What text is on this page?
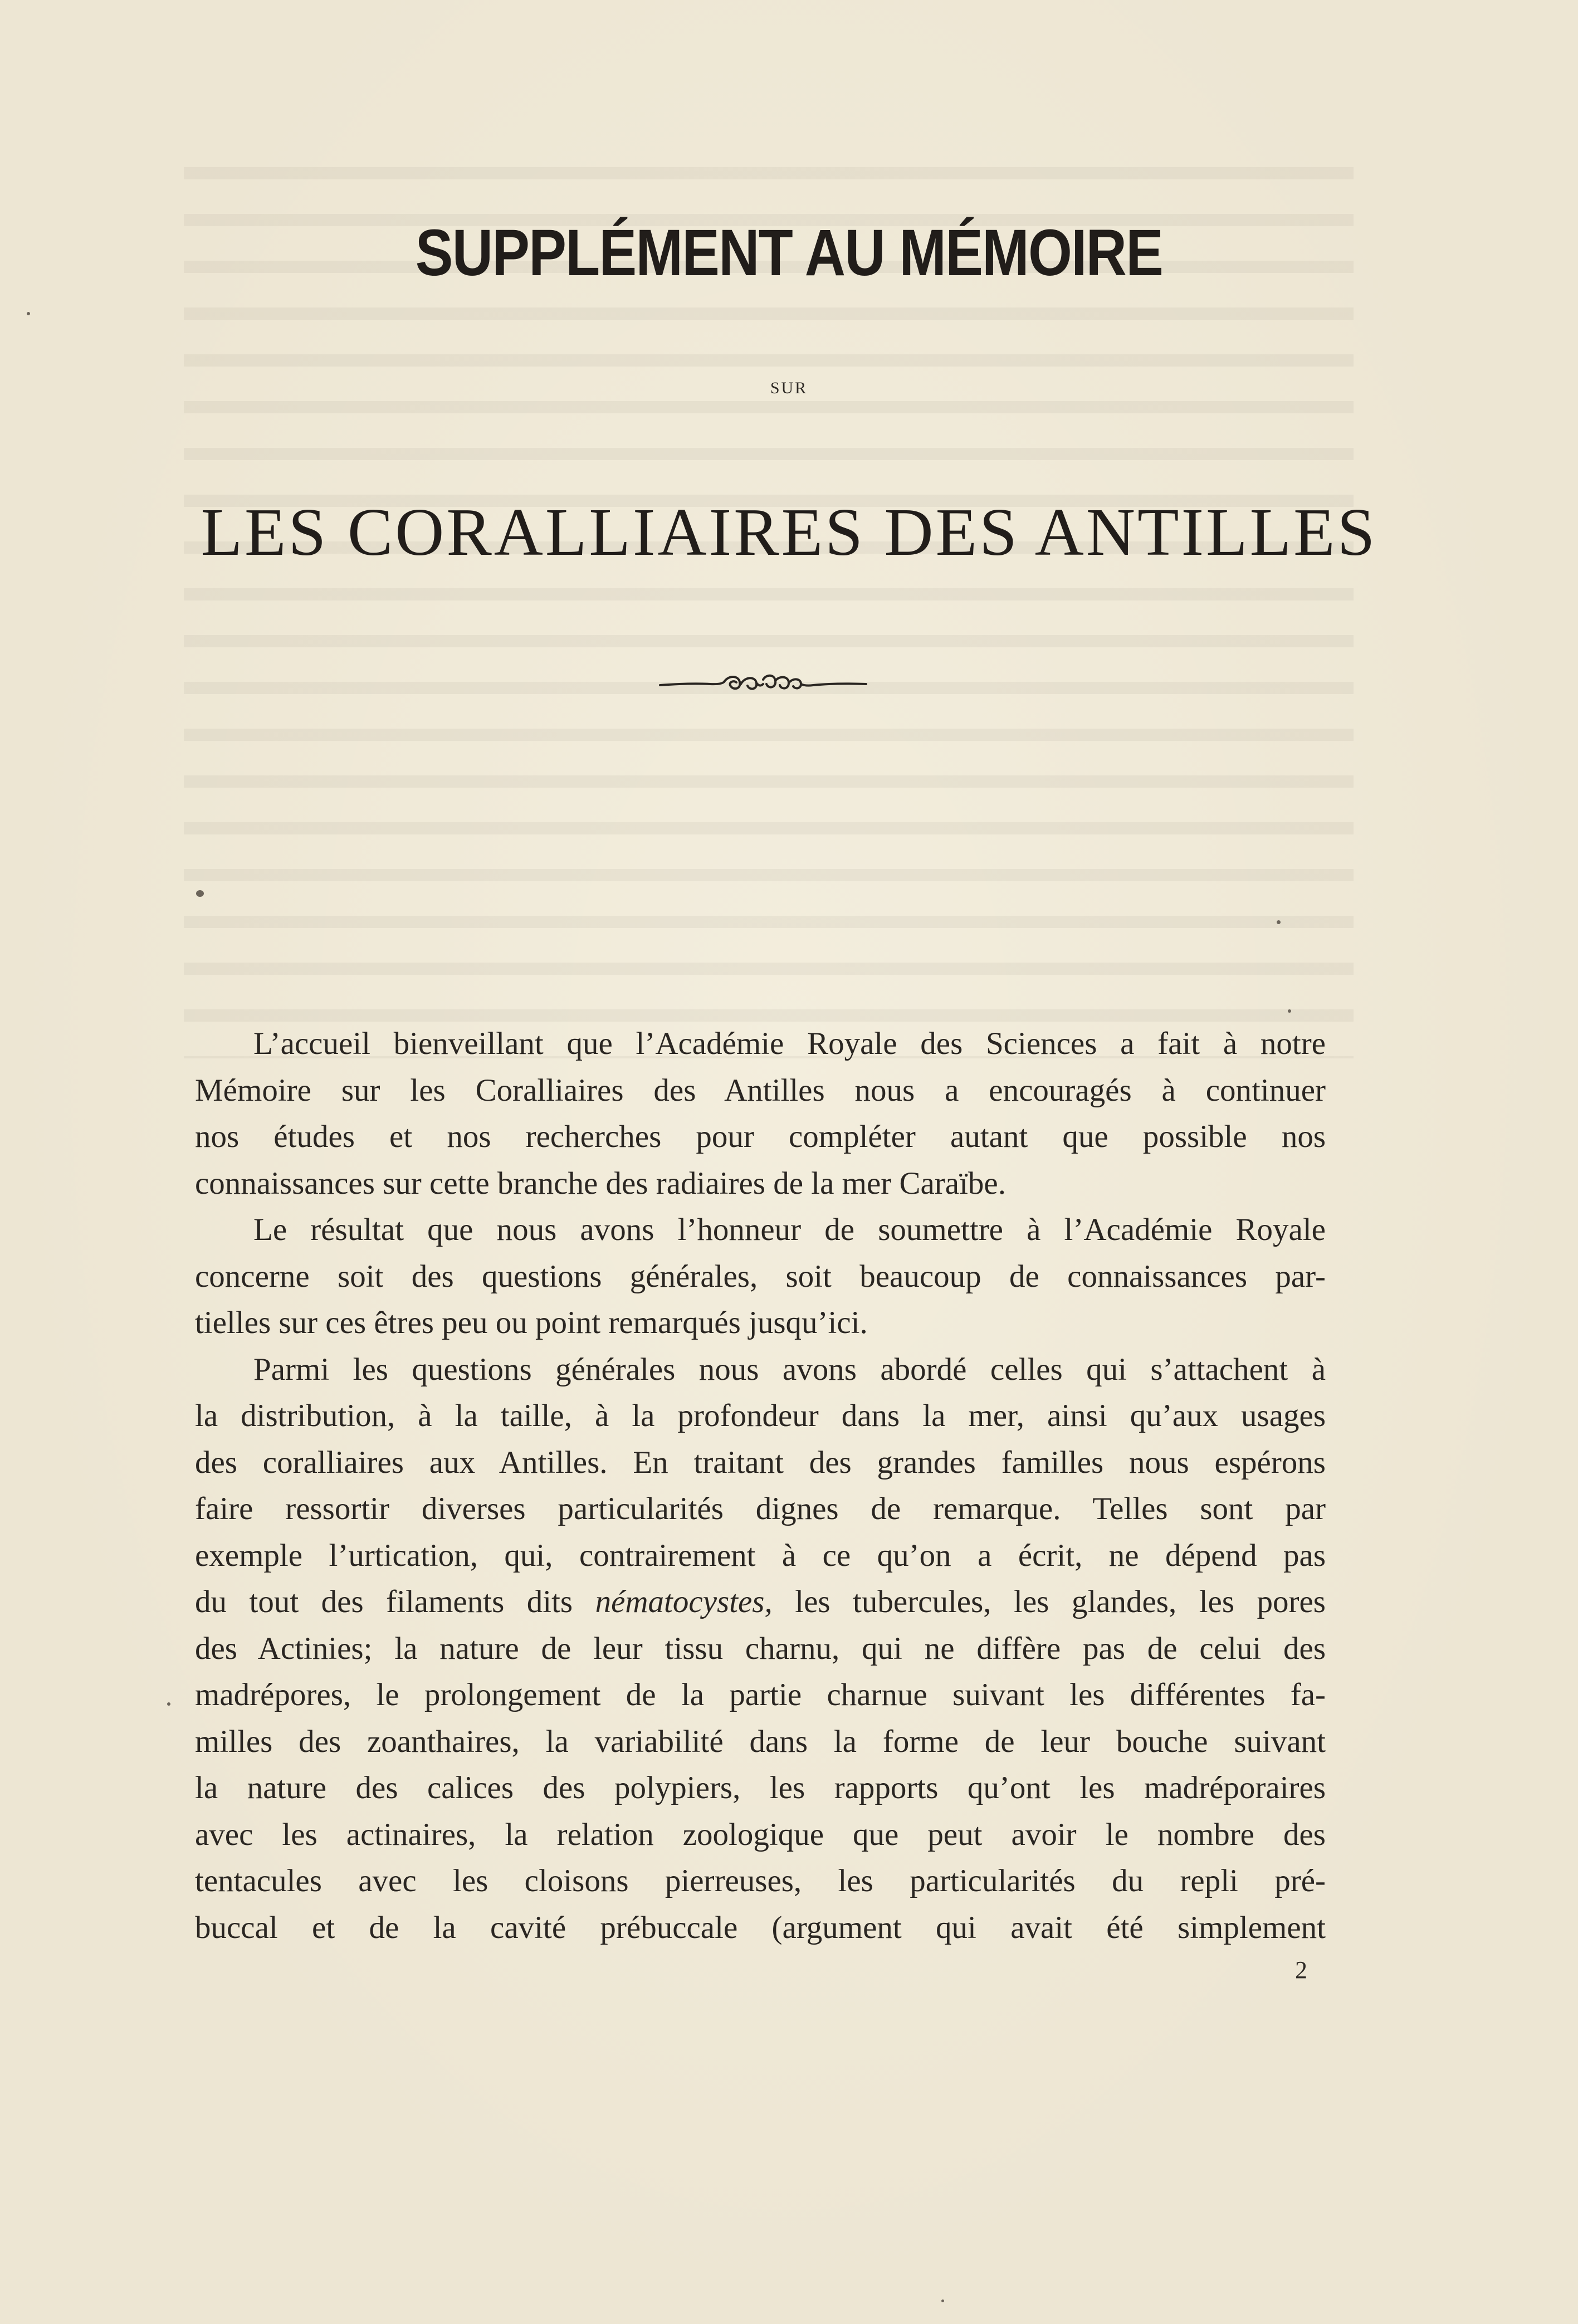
SUPPLÉMENT AU MÉMOIRE
SUR
LES CORALLIAIRES DES ANTILLES
L’accueil bienveillant que l’Académie Royale des Sciences a fait à notre
Mémoire sur les Coralliaires des Antilles nous a encouragés à continuer
nos études et nos recherches pour compléter autant que possible nos
connaissances sur cette branche des radiaires de la mer Caraïbe.
Le résultat que nous avons l’honneur de soumettre à l’Académie Royale
concerne soit des questions générales, soit beaucoup de connaissances par-
tielles sur ces êtres peu ou point remarqués jusqu’ici.
Parmi les questions générales nous avons abordé celles qui s’attachent à
la distribution, à la taille, à la profondeur dans la mer, ainsi qu’aux usages
des coralliaires aux Antilles. En traitant des grandes familles nous espérons
faire ressortir diverses particularités dignes de remarque. Telles sont par
exemple l’urtication, qui, contrairement à ce qu’on a écrit, ne dépend pas
du tout des filaments dits nématocystes, les tubercules, les glandes, les pores
des Actinies; la nature de leur tissu charnu, qui ne diffère pas de celui des
madrépores, le prolongement de la partie charnue suivant les différentes fa-
milles des zoanthaires, la variabilité dans la forme de leur bouche suivant
la nature des calices des polypiers, les rapports qu’ont les madréporaires
avec les actinaires, la relation zoologique que peut avoir le nombre des
tentacules avec les cloisons pierreuses, les particularités du repli pré-
buccal et de la cavité prébuccale (argument qui avait été simplement
2
